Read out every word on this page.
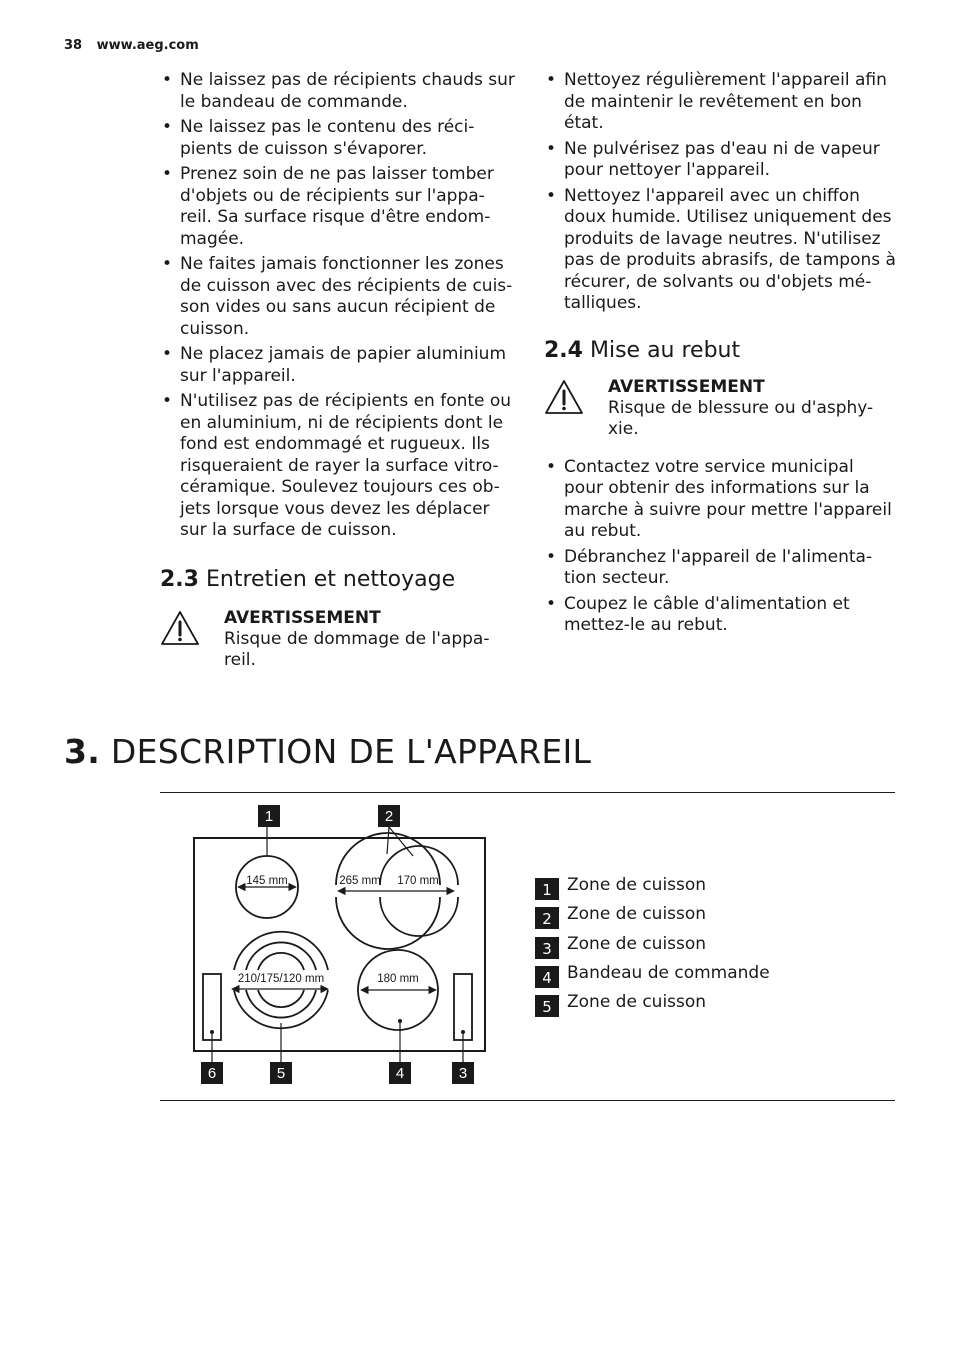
38 www.aeg.com
• Ne laissez pas de récipients chauds sur le bandeau de commande.
• Ne laissez pas le contenu des réci-pients de cuisson s'évaporer.
• Prenez soin de ne pas laisser tomber d'objets ou de récipients sur l'appa-reil. Sa surface risque d'être endom-magée.
• Ne faites jamais fonctionner les zones de cuisson avec des récipients de cuis-son vides ou sans aucun récipient de cuisson.
• Ne placez jamais de papier aluminium sur l'appareil.
• N'utilisez pas de récipients en fonte ou en aluminium, ni de récipients dont le fond est endommagé et rugueux. Ils risqueraient de rayer la surface vitro-céramique. Soulevez toujours ces ob-jets lorsque vous devez les déplacer sur la surface de cuisson.
2.3 Entretien et nettoyage
AVERTISSEMENT
Risque de dommage de l'appa-reil.
• Nettoyez régulièrement l'appareil afin de maintenir le revêtement en bon état.
• Ne pulvérisez pas d'eau ni de vapeur pour nettoyer l'appareil.
• Nettoyez l'appareil avec un chiffon doux humide. Utilisez uniquement des produits de lavage neutres. N'utilisez pas de produits abrasifs, de tampons à récurer, de solvants ou d'objets mé-talliques.
2.4 Mise au rebut
AVERTISSEMENT
Risque de blessure ou d'asphy-xie.
• Contactez votre service municipal pour obtenir des informations sur la marche à suivre pour mettre l'appareil au rebut.
• Débranchez l'appareil de l'alimenta-tion secteur.
• Coupez le câble d'alimentation et mettez-le au rebut.
3. DESCRIPTION DE L'APPAREIL
145 mm	265 mm 170 mm
210/175/120 mm	180 mm
1	2
6	5	4	3
1 Zone de cuisson
2 Zone de cuisson
3 Zone de cuisson
4 Bandeau de commande
5 Zone de cuisson
